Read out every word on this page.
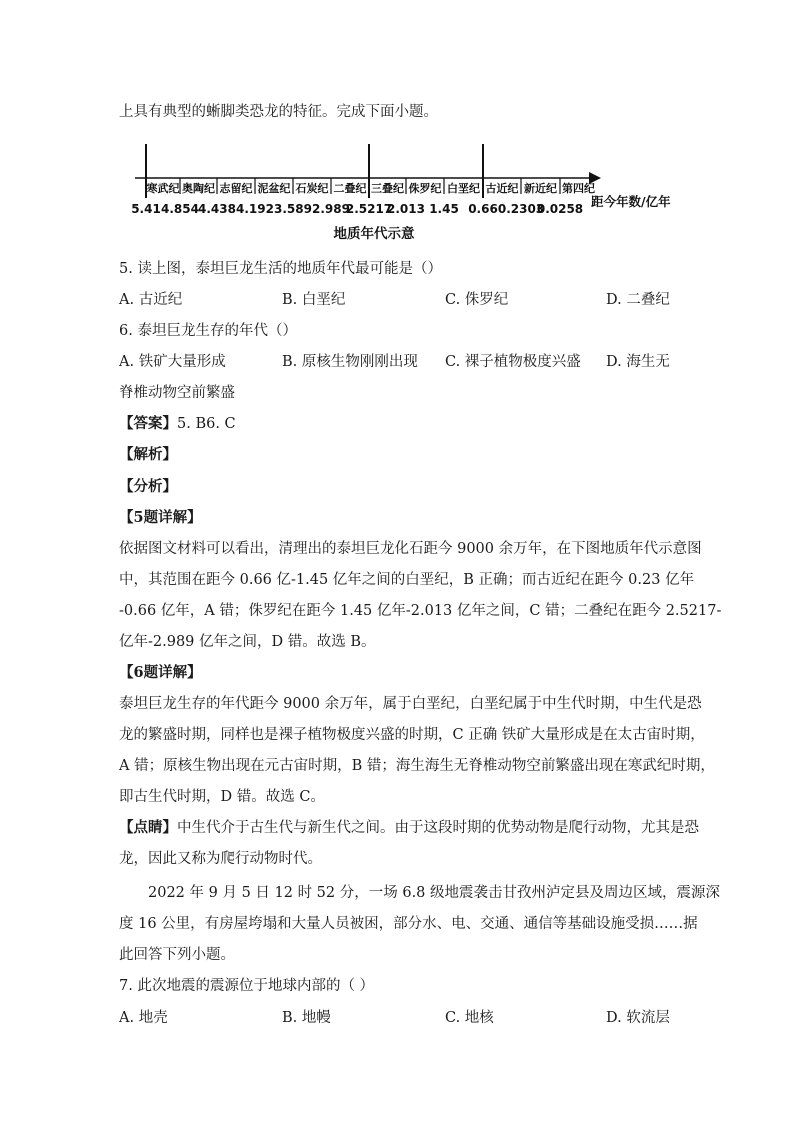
上具有典型的蜥脚类恐龙的特征。完成下面小题。
寒武纪 奥陶纪 志留纪 泥盆纪 石炭纪 二叠纪 三叠纪 侏罗纪 白垩纪 古近纪 新近纪 第四纪
5.41 4.854 4.438 4.192 3.589 2.989
2.5217
2.013 1.45 0.66 0.2303
0.0258 距今年数/亿年
地质年代示意
5. 读上图，泰坦巨龙生活的地质年代最可能是（）
A. 古近纪	B. 白垩纪	C. 侏罗纪	D. 二叠纪
6. 泰坦巨龙生存的年代（）
A. 铁矿大量形成	B. 原核生物刚刚出现 C. 裸子植物极度兴盛 D. 海生无
脊椎动物空前繁盛
【答案】5. B6. C
【解析】
【分析】
【5题详解】
依据图文材料可以看出，清理出的泰坦巨龙化石距今 9000 余万年，在下图地质年代示意图
中，其范围在距今 0.66 亿-1.45 亿年之间的白垩纪，B 正确；而古近纪在距今 0.23 亿年
-0.66 亿年，A 错；侏罗纪在距今 1.45 亿年-2.013 亿年之间，C 错；二叠纪在距今 2.5217-
亿年-2.989 亿年之间，D 错。故选 B。
【6题详解】
泰坦巨龙生存的年代距今 9000 余万年，属于白垩纪，白垩纪属于中生代时期，中生代是恐
龙的繁盛时期，同样也是裸子植物极度兴盛的时期，C 正确 铁矿大量形成是在太古宙时期，
A 错；原核生物出现在元古宙时期，B 错；海生海生无脊椎动物空前繁盛出现在寒武纪时期，
即古生代时期，D 错。故选 C。
【点睛】中生代介于古生代与新生代之间。由于这段时期的优势动物是爬行动物，尤其是恐
龙，因此又称为爬行动物时代。
2022 年 9 月 5 日 12 时 52 分，一场 6.8 级地震袭击甘孜州泸定县及周边区域，震源深
度 16 公里，有房屋垮塌和大量人员被困，部分水、电、交通、通信等基础设施受损……据
此回答下列小题。
7. 此次地震的震源位于地球内部的（ ）
A. 地壳	B. 地幔	C. 地核	D. 软流层
